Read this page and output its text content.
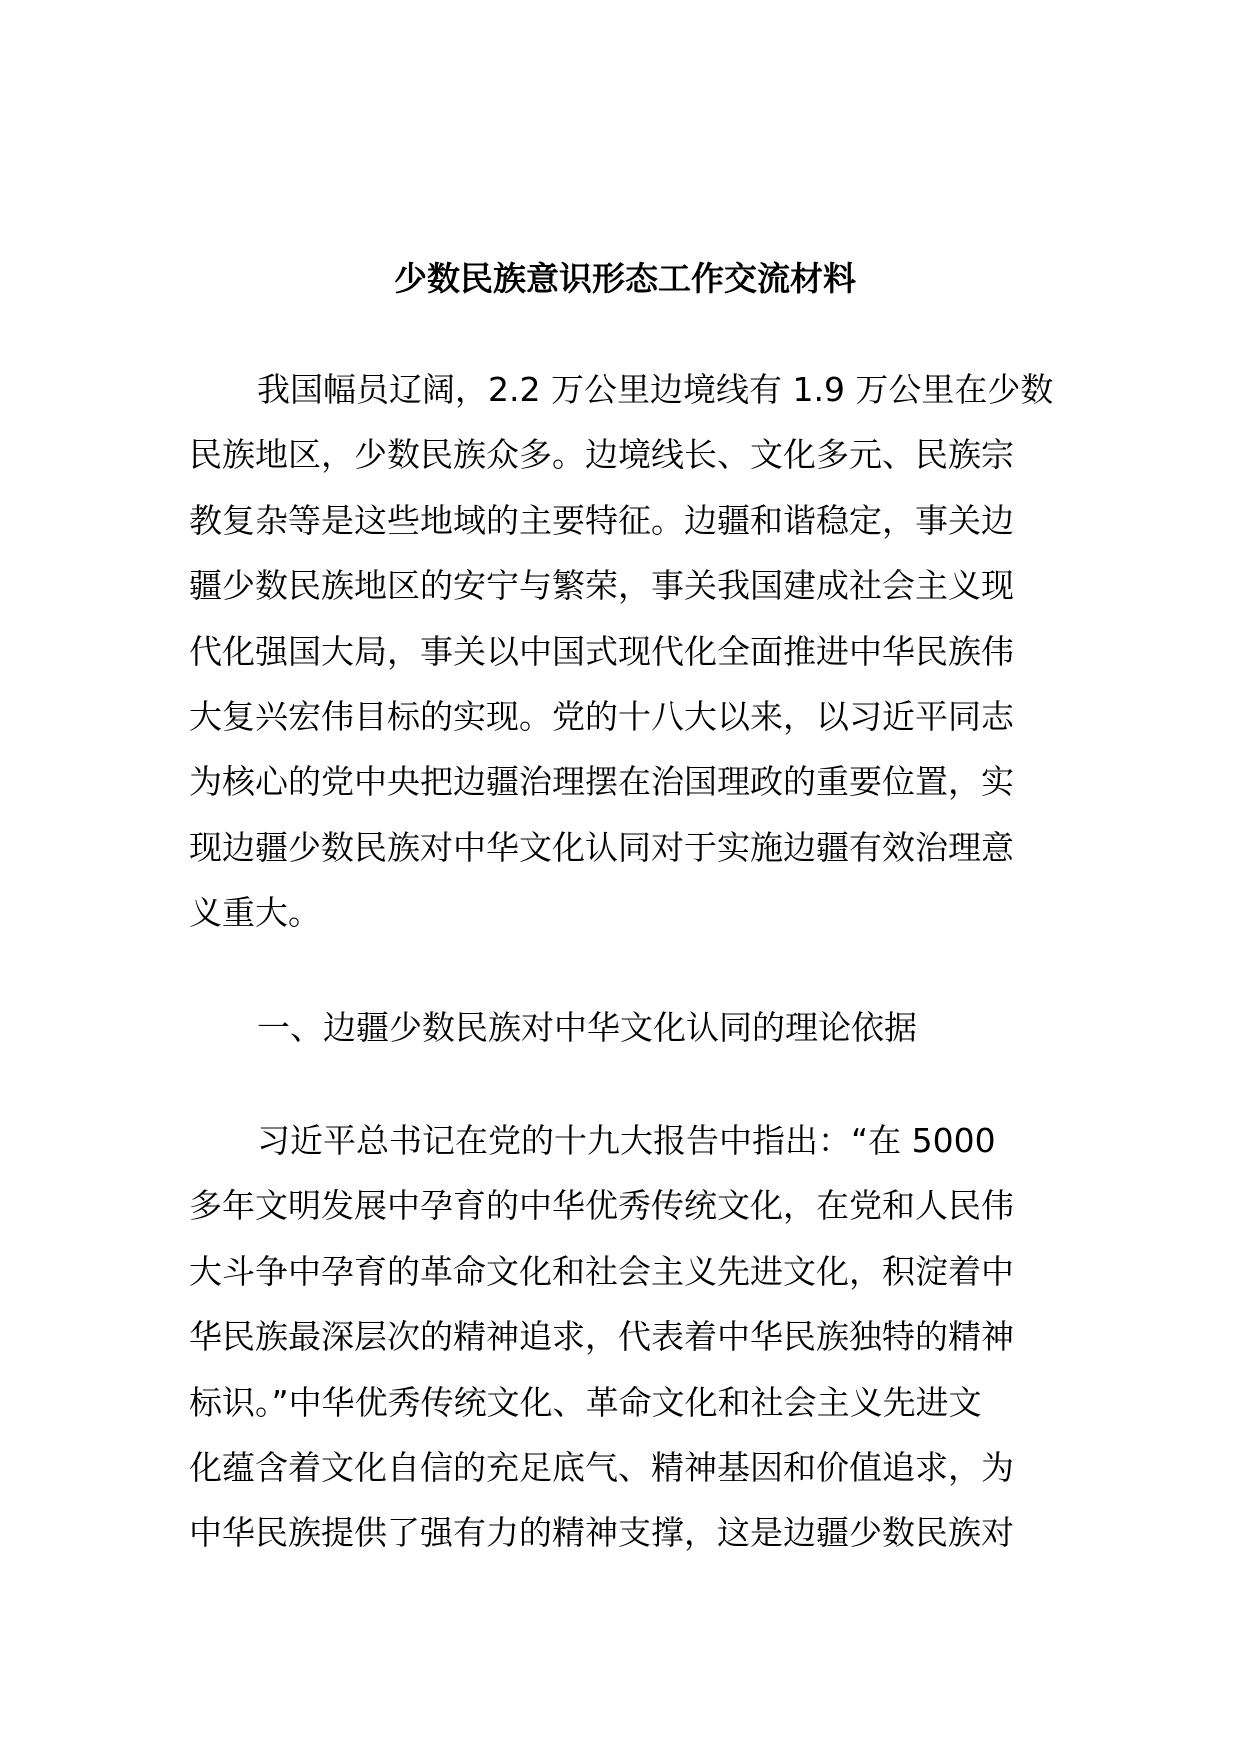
少数民族意识形态工作交流材料
我国幅员辽阔，2.2 万公里边境线有 1.9 万公里在少数
民族地区，少数民族众多。边境线长、文化多元、民族宗
教复杂等是这些地域的主要特征。边疆和谐稳定，事关边
疆少数民族地区的安宁与繁荣，事关我国建成社会主义现
代化强国大局，事关以中国式现代化全面推进中华民族伟
大复兴宏伟目标的实现。党的十八大以来，以习近平同志
为核心的党中央把边疆治理摆在治国理政的重要位置，实
现边疆少数民族对中华文化认同对于实施边疆有效治理意
义重大。
一、边疆少数民族对中华文化认同的理论依据
习近平总书记在党的十九大报告中指出：“在 5000
多年文明发展中孕育的中华优秀传统文化，在党和人民伟
大斗争中孕育的革命文化和社会主义先进文化，积淀着中
华民族最深层次的精神追求，代表着中华民族独特的精神
标识。”中华优秀传统文化、革命文化和社会主义先进文
化蕴含着文化自信的充足底气、精神基因和价值追求，为
中华民族提供了强有力的精神支撑，这是边疆少数民族对
